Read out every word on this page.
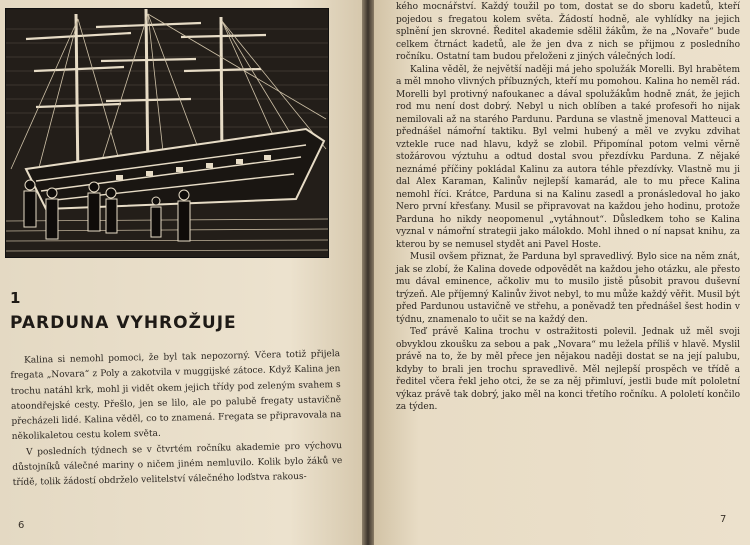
1
PARDUNA VYHROŽUJE

Kalina si nemohl pomoci, že byl tak nepozorný. Včera totiž přijela fregata „Novara“ z Poly a zakotvila v muggijské zátoce. Když Kalina jen trochu natáhl krk, mohl ji vidět okem jejich třídy pod zeleným svahem s atoondřejské cesty. Přešlo, jen se lilo, ale po palubě fregaty ustavičně přecházeli lidé. Kalina věděl, co to znamená. Fregata se připravovala na několikaletou cestu kolem světa.

V posledních týdnech se v čtvrtém ročníku akademie pro výchovu důstojníků válečné mariny o ničem jiném nemluvilo. Kolik bylo žáků ve třídě, tolik žádostí obdrželo velitelství válečného loďstva rakous-

6

kého mocnářství. Každý toužil po tom, dostat se do sboru kadetů, kteří pojedou s fregatou kolem světa. Žádostí hodně, ale vyhlídky na jejich splnění jen skrovné. Ředitel akademie sdělil žákům, že na „Novaře“ bude celkem čtrnáct kadetů, ale že jen dva z nich se přijmou z posledního ročníku. Ostatní tam budou přeloženi z jiných válečných lodí.

Kalina věděl, že největší naději má jeho spolužák Morelli. Byl hrabětem a měl mnoho vlivných příbuzných, kteří mu pomohou. Kalina ho neměl rád. Morelli byl protivný nafoukanec a dával spolužákům hodně znát, že jejich rod mu není dost dobrý. Nebyl u nich oblíben a také profesoři ho nijak nemilovali až na starého Pardunu. Parduna se vlastně jmenoval Matteuci a přednášel námořní taktiku. Byl velmi hubený a měl ve zvyku zdvihat vztekle ruce nad hlavu, když se zlobil. Připomínal potom velmi věrně stožárovou výztuhu a odtud dostal svou přezdívku Parduna. Z nějaké neznámé příčiny pokládal Kalinu za autora téhle přezdívky. Vlastně mu ji dal Alex Karaman, Kalinův nejlepší kamarád, ale to mu přece Kalina nemohl říci. Krátce, Parduna si na Kalinu zasedl a pronásledoval ho jako Nero první křesťany. Musil se připravovat na každou jeho hodinu, protože Parduna ho nikdy neopomenul „vytáhnout“. Důsledkem toho se Kalina vyznal v námořní strategii jako málokdo. Mohl ihned o ní napsat knihu, za kterou by se nemusel stydět ani Pavel Hoste.

Musil ovšem přiznat, že Parduna byl spravedlivý. Bylo sice na něm znát, jak se zlobí, že Kalina dovede odpovědět na každou jeho otázku, ale přesto mu dával eminence, ačkoliv mu to musilo jistě působit pravou duševní trýzeň. Ale příjemný Kalinův život nebyl, to mu může každý věřit. Musil být před Pardunou ustavičně ve střehu, a poněvadž ten přednášel šest hodin v týdnu, znamenalo to učit se na každý den.

Teď právě Kalina trochu v ostražitosti polevil. Jednak už měl svoji obvyklou zkoušku za sebou a pak „Novara“ mu ležela příliš v hlavě. Myslil právě na to, že by měl přece jen nějakou naději dostat se na její palubu, kdyby to brali jen trochu spravedlivě. Měl nejlepší prospěch ve třídě a ředitel včera řekl jeho otci, že se za něj přimluví, jestli bude mít pololetní výkaz právě tak dobrý, jako měl na konci třetího ročníku. A pololetí končilo za týden.

7
